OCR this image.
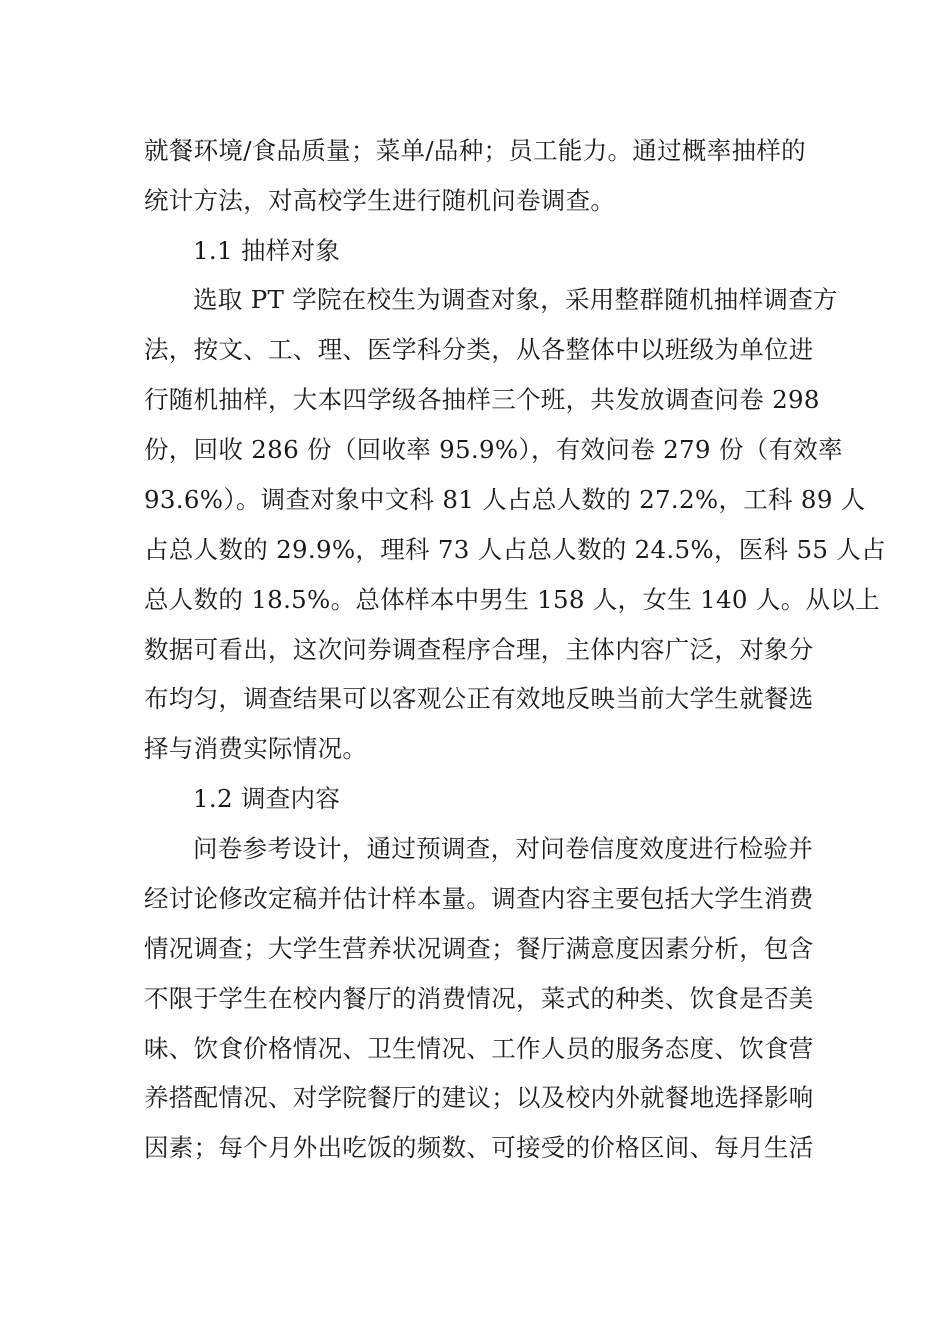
就餐环境/食品质量；菜单/品种；员工能力。通过概率抽样的
统计方法，对高校学生进行随机问卷调查。
1.1 抽样对象
选取 PT 学院在校生为调查对象，采用整群随机抽样调查方
法，按文、工、理、医学科分类，从各整体中以班级为单位进
行随机抽样，大本四学级各抽样三个班，共发放调查问卷 298
份，回收 286 份（回收率 95.9%），有效问卷 279 份（有效率
93.6%）。调查对象中文科 81 人占总人数的 27.2%，工科 89 人
占总人数的 29.9%，理科 73 人占总人数的 24.5%，医科 55 人占
总人数的 18.5%。总体样本中男生 158 人，女生 140 人。从以上
数据可看出，这次问券调查程序合理，主体内容广泛，对象分
布均匀，调查结果可以客观公正有效地反映当前大学生就餐选
择与消费实际情况。
1.2 调查内容
问卷参考设计，通过预调查，对问卷信度效度进行检验并
经讨论修改定稿并估计样本量。调查内容主要包括大学生消费
情况调查；大学生营养状况调查；餐厅满意度因素分析，包含
不限于学生在校内餐厅的消费情况，菜式的种类、饮食是否美
味、饮食价格情况、卫生情况、工作人员的服务态度、饮食营
养搭配情况、对学院餐厅的建议；以及校内外就餐地选择影响
因素；每个月外出吃饭的频数、可接受的价格区间、每月生活
